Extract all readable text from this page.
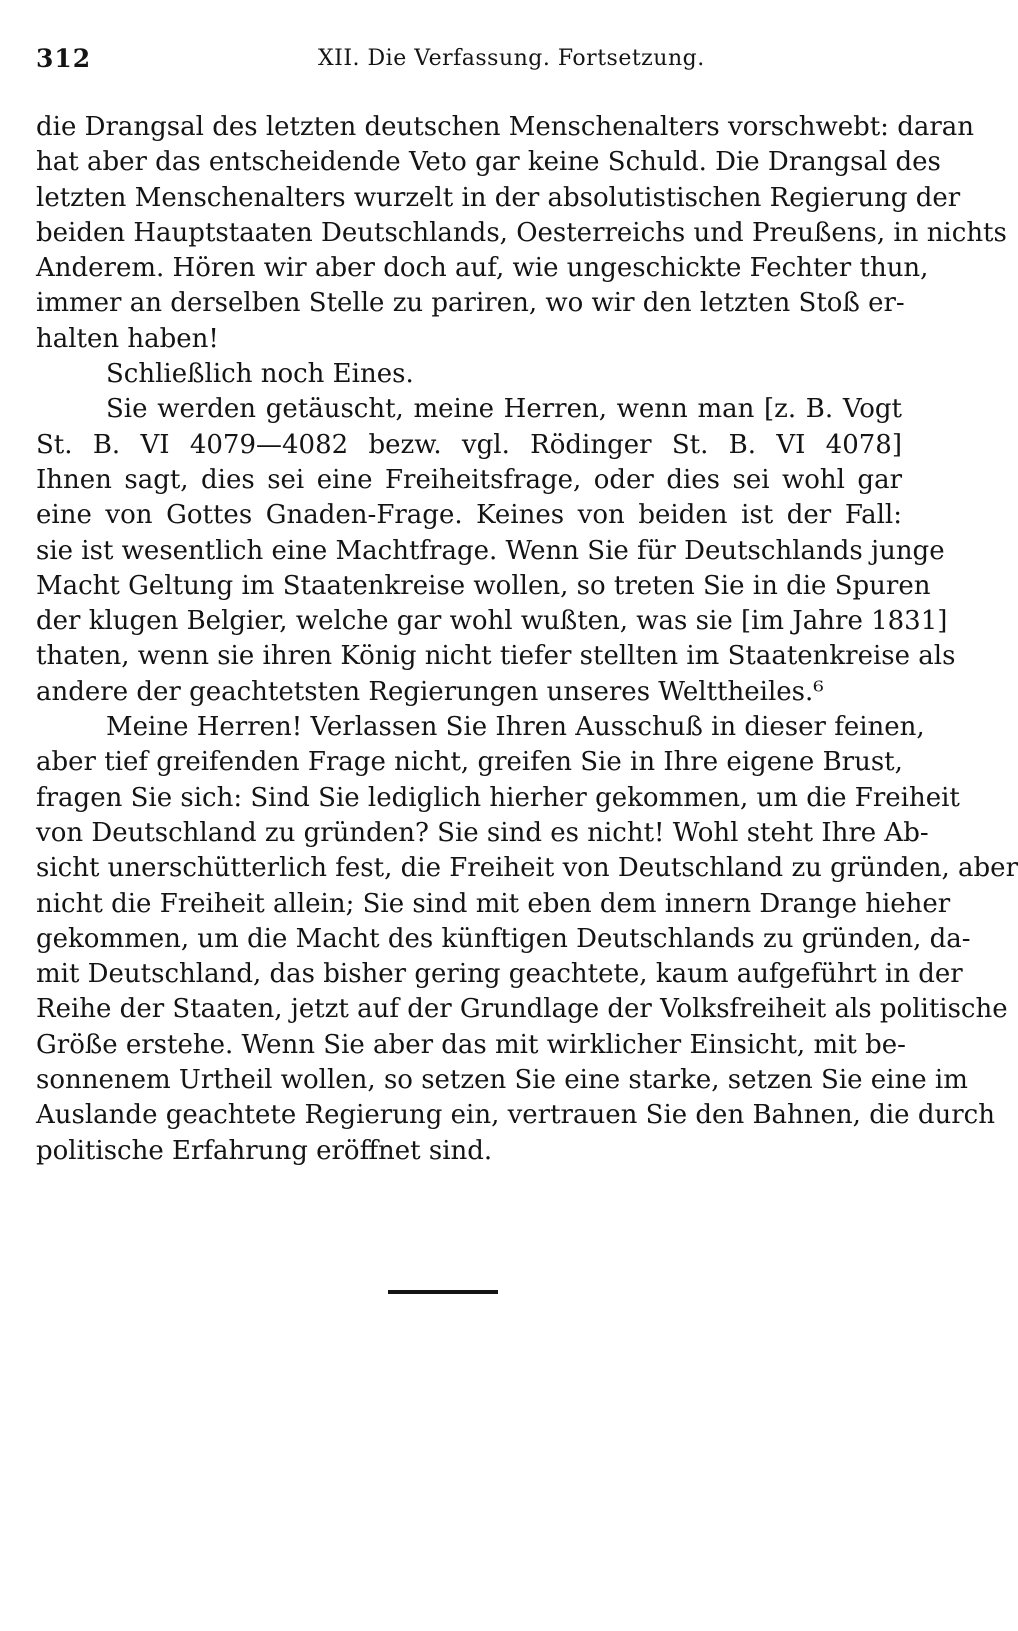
312	XII. Die Verfassung. Fortsetzung.
die Drangsal des letzten deutschen Menschenalters vorschwebt: daran
hat aber das entscheidende Veto gar keine Schuld. Die Drangsal des
letzten Menschenalters wurzelt in der absolutistischen Regierung der
beiden Hauptstaaten Deutschlands, Oesterreichs und Preußens, in nichts
Anderem. Hören wir aber doch auf, wie ungeschickte Fechter thun,
immer an derselben Stelle zu pariren, wo wir den letzten Stoß er-
halten haben!
Schließlich noch Eines.
Sie werden getäuscht, meine Herren, wenn man [z. B. Vogt
St. B. VI 4079—4082 bezw. vgl. Rödinger St. B. VI 4078]
Ihnen sagt, dies sei eine Freiheitsfrage, oder dies sei wohl gar
eine von Gottes Gnaden-Frage. Keines von beiden ist der Fall:
sie ist wesentlich eine Machtfrage. Wenn Sie für Deutschlands junge
Macht Geltung im Staatenkreise wollen, so treten Sie in die Spuren
der klugen Belgier, welche gar wohl wußten, was sie [im Jahre 1831]
thaten, wenn sie ihren König nicht tiefer stellten im Staatenkreise als
andere der geachtetsten Regierungen unseres Welttheiles.⁶
Meine Herren! Verlassen Sie Ihren Ausschuß in dieser feinen,
aber tief greifenden Frage nicht, greifen Sie in Ihre eigene Brust,
fragen Sie sich: Sind Sie lediglich hierher gekommen, um die Freiheit
von Deutschland zu gründen? Sie sind es nicht! Wohl steht Ihre Ab-
sicht unerschütterlich fest, die Freiheit von Deutschland zu gründen, aber
nicht die Freiheit allein; Sie sind mit eben dem innern Drange hieher
gekommen, um die Macht des künftigen Deutschlands zu gründen, da-
mit Deutschland, das bisher gering geachtete, kaum aufgeführt in der
Reihe der Staaten, jetzt auf der Grundlage der Volksfreiheit als politische
Größe erstehe. Wenn Sie aber das mit wirklicher Einsicht, mit be-
sonnenem Urtheil wollen, so setzen Sie eine starke, setzen Sie eine im
Auslande geachtete Regierung ein, vertrauen Sie den Bahnen, die durch
politische Erfahrung eröffnet sind.
